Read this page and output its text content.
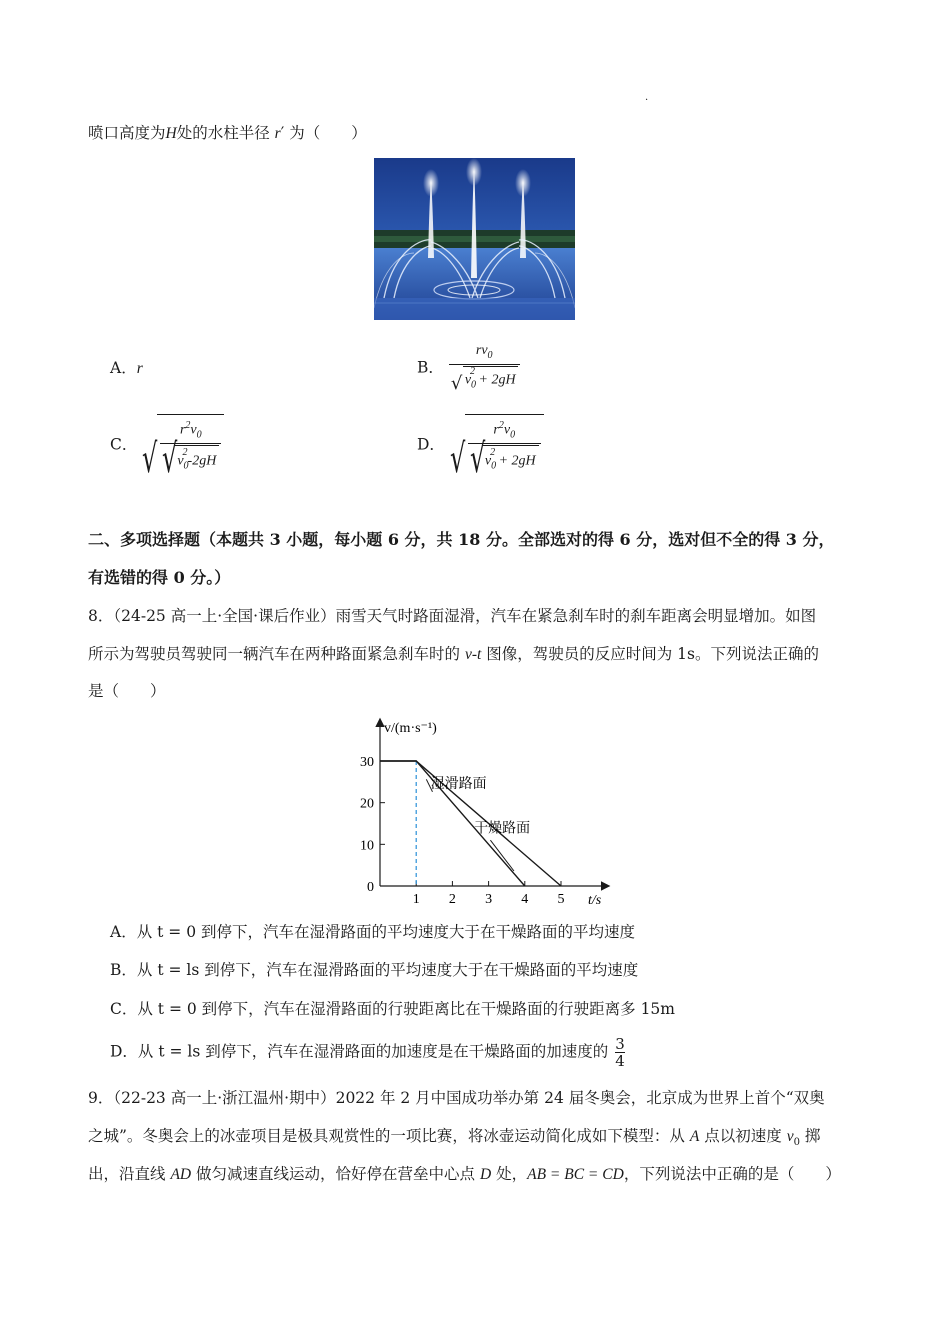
.
喷口高度为H处的水柱半径 r′ 为（　　）
A．r	B． $\frac{rv_0}{√ v_0^2 + 2gH}$
C． √ $\frac{r^2v_0}{√ v_0^2-2gH}$	D． √ $\frac{r^2v_0}{√ v_0^2 + 2gH}$
二、多项选择题（本题共 3 小题，每小题 6 分，共 18 分。全部选对的得 6 分，选对但不全的得 3 分，
有选错的得 0 分。）
8．（24-25 高一上·全国·课后作业）雨雪天气时路面湿滑，汽车在紧急刹车时的刹车距离会明显增加。如图
所示为驾驶员驾驶同一辆汽车在两种路面紧急刹车时的 v-t 图像，驾驶员的反应时间为 1s。下列说法正确的
是（　　）
v/(m·s⁻¹)
t/s
0
10
20
30
1 2 3 4 5
湿滑路面
干燥路面
A．从 t = 0 到停下，汽车在湿滑路面的平均速度大于在干燥路面的平均速度
B．从 t = ls 到停下，汽车在湿滑路面的平均速度大于在干燥路面的平均速度
C．从 t = 0 到停下，汽车在湿滑路面的行驶距离比在干燥路面的行驶距离多 15m
D．从 t = ls 到停下，汽车在湿滑路面的加速度是在干燥路面的加速度的 $\frac{3}{4}$
9．（22-23 高一上·浙江温州·期中）2022 年 2 月中国成功举办第 24 届冬奥会，北京成为世界上首个“双奥
之城”。冬奥会上的冰壶项目是极具观赏性的一项比赛，将冰壶运动简化成如下模型：从 A 点以初速度 $v_0$ 掷
出，沿直线 AD 做匀减速直线运动，恰好停在营垒中心点 D 处，AB = BC = CD，下列说法中正确的是（　　）
